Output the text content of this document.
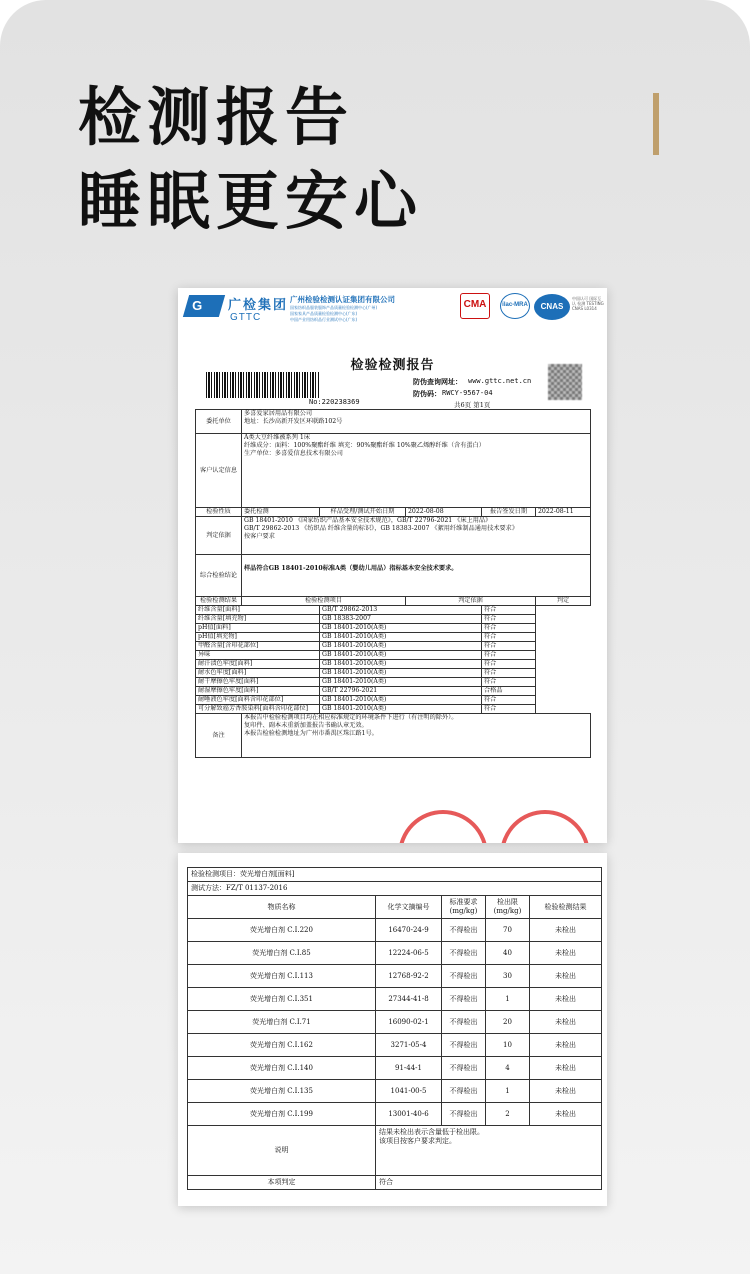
检测报告
睡眠更安心
G 广检集团
GTTC
广州检验检测认证集团有限公司
国家纺织品服装服饰产品质量检验检测中心(广州)
国家家具产品质量检验检测中心(广东)
中国产业用纺织品行业测试中心(广东)
CMA	ilac-MRA	CNAS
中国认可 国际互认 检测 TESTING CNAS L0314
检验检测报告
No:220238369
防伪查询网址： www.gttc.net.cn
防伪码： RWCY-9567-04
共6页 第1页
委托单位	多喜爱家居用品有限公司
地址：长沙高新开发区环联路102号				

客户认定信息	A类大豆纤维被系列 1床
纤维成分：面料：100%聚酯纤维 填充：90%聚酯纤维 10%聚乙烯醇纤维（含有蛋白）
生产单位：多喜爱信息技术有限公司				

检验性质	委托检测	样品受理/测试开始日期	2022-08-08	报告签发日期	2022-08-11
判定依据	GB 18401-2010 《国家纺织产品基本安全技术规范》，GB/T 22796-2021 《床上用品》
GB/T 29862-2013 《纺织品 纤维含量的标识》，GB 18383-2007 《絮用纤维制品通用技术要求》
按客户要求				

综合检验结论	样品符合GB 18401-2010标准A类（婴幼儿用品）指标基本安全技术要求。				
检验检测结果	检验检测项目		判定依据		判定
纤维含量[面料]		GB/T 29862-2013		符合	
纤维含量[填充物]		GB 18383-2007		符合	
pH值[面料]		GB 18401-2010(A类)		符合	
pH值[填充物]		GB 18401-2010(A类)		符合	
甲醛含量[含印花部位]		GB 18401-2010(A类)		符合	
异味		GB 18401-2010(A类)		符合	
耐汗渍色牢度[面料]		GB 18401-2010(A类)		符合	
耐水色牢度[面料]		GB 18401-2010(A类)		符合	
耐干摩擦色牢度[面料]		GB 18401-2010(A类)		符合	
耐湿摩擦色牢度[面料]		GB/T 22796-2021		合格品	
耐唾液色牢度[面料含印花部位]		GB 18401-2010(A类)		符合	
可分解致癌芳香胺染料[面料含印花部位]		GB 18401-2010(A类)		符合	
备注	本报告中检验检测项目均在相应标准规定的环境条件下进行（有注明的除外）。
复印件、副本未重新加盖报告书确认章无效。
本报告检验检测地址为广州市番禺区珠江路1号。				
检验检测项目：荧光增白剂[面料]				
测试方法：FZ/T 01137-2016				
物质名称	化学文摘编号	标准要求(mg/kg)	检出限(mg/kg)	检验检测结果
荧光增白剂 C.I.220	16470-24-9	不得检出	70	未检出
荧光增白剂 C.I.85	12224-06-5	不得检出	40	未检出
荧光增白剂 C.I.113	12768-92-2	不得检出	30	未检出
荧光增白剂 C.I.351	27344-41-8	不得检出	1	未检出
荧光增白剂 C.I.71	16090-02-1	不得检出	20	未检出
荧光增白剂 C.I.162	3271-05-4	不得检出	10	未检出
荧光增白剂 C.I.140	91-44-1	不得检出	4	未检出
荧光增白剂 C.I.135	1041-00-5	不得检出	1	未检出
荧光增白剂 C.I.199	13001-40-6	不得检出	2	未检出
说明	结果未检出表示含量低于检出限。
该项目按客户要求判定。			

本项判定	符合			
